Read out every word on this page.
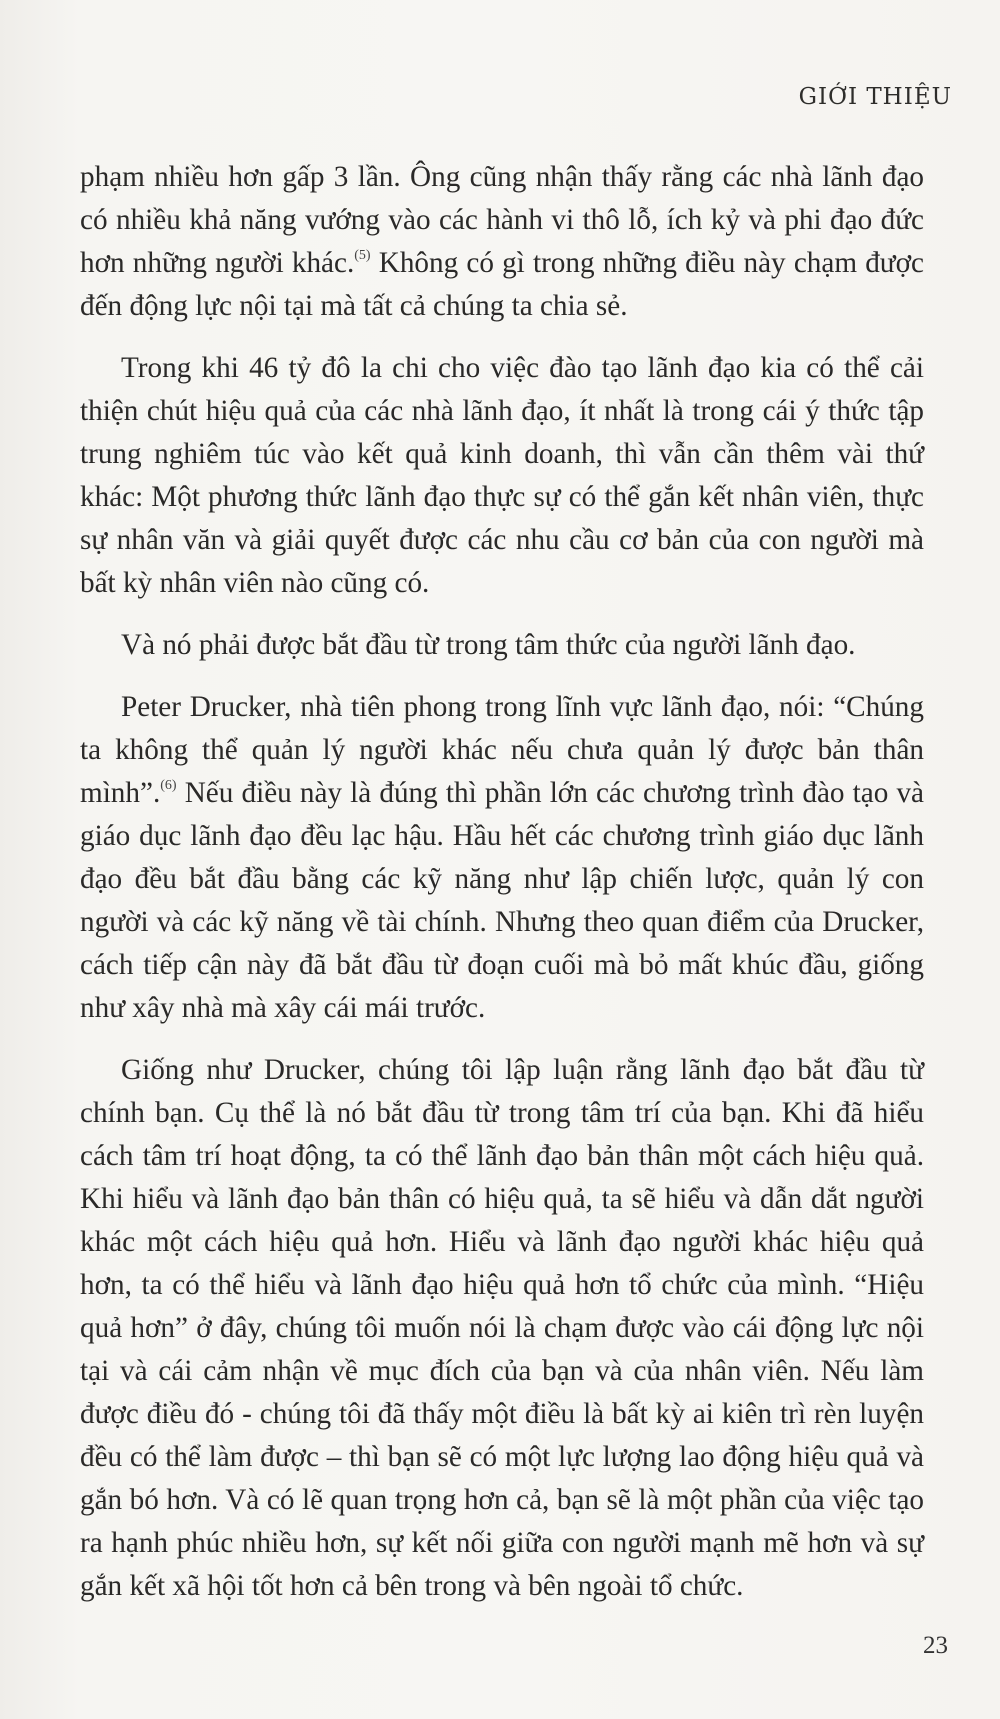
GIỚI THIỆU

phạm nhiều hơn gấp 3 lần. Ông cũng nhận thấy rằng các nhà lãnh đạo có nhiều khả năng vướng vào các hành vi thô lỗ, ích kỷ và phi đạo đức hơn những người khác.$^{(5)}$ Không có gì trong những điều này chạm được đến động lực nội tại mà tất cả chúng ta chia sẻ.

Trong khi 46 tỷ đô la chi cho việc đào tạo lãnh đạo kia có thể cải thiện chút hiệu quả của các nhà lãnh đạo, ít nhất là trong cái ý thức tập trung nghiêm túc vào kết quả kinh doanh, thì vẫn cần thêm vài thứ khác: Một phương thức lãnh đạo thực sự có thể gắn kết nhân viên, thực sự nhân văn và giải quyết được các nhu cầu cơ bản của con người mà bất kỳ nhân viên nào cũng có.

Và nó phải được bắt đầu từ trong tâm thức của người lãnh đạo.

Peter Drucker, nhà tiên phong trong lĩnh vực lãnh đạo, nói: “Chúng ta không thể quản lý người khác nếu chưa quản lý được bản thân mình”.$^{(6)}$ Nếu điều này là đúng thì phần lớn các chương trình đào tạo và giáo dục lãnh đạo đều lạc hậu. Hầu hết các chương trình giáo dục lãnh đạo đều bắt đầu bằng các kỹ năng như lập chiến lược, quản lý con người và các kỹ năng về tài chính. Nhưng theo quan điểm của Drucker, cách tiếp cận này đã bắt đầu từ đoạn cuối mà bỏ mất khúc đầu, giống như xây nhà mà xây cái mái trước.

Giống như Drucker, chúng tôi lập luận rằng lãnh đạo bắt đầu từ chính bạn. Cụ thể là nó bắt đầu từ trong tâm trí của bạn. Khi đã hiểu cách tâm trí hoạt động, ta có thể lãnh đạo bản thân một cách hiệu quả. Khi hiểu và lãnh đạo bản thân có hiệu quả, ta sẽ hiểu và dẫn dắt người khác một cách hiệu quả hơn. Hiểu và lãnh đạo người khác hiệu quả hơn, ta có thể hiểu và lãnh đạo hiệu quả hơn tổ chức của mình. “Hiệu quả hơn” ở đây, chúng tôi muốn nói là chạm được vào cái động lực nội tại và cái cảm nhận về mục đích của bạn và của nhân viên. Nếu làm được điều đó - chúng tôi đã thấy một điều là bất kỳ ai kiên trì rèn luyện đều có thể làm được – thì bạn sẽ có một lực lượng lao động hiệu quả và gắn bó hơn. Và có lẽ quan trọng hơn cả, bạn sẽ là một phần của việc tạo ra hạnh phúc nhiều hơn, sự kết nối giữa con người mạnh mẽ hơn và sự gắn kết xã hội tốt hơn cả bên trong và bên ngoài tổ chức.

23
